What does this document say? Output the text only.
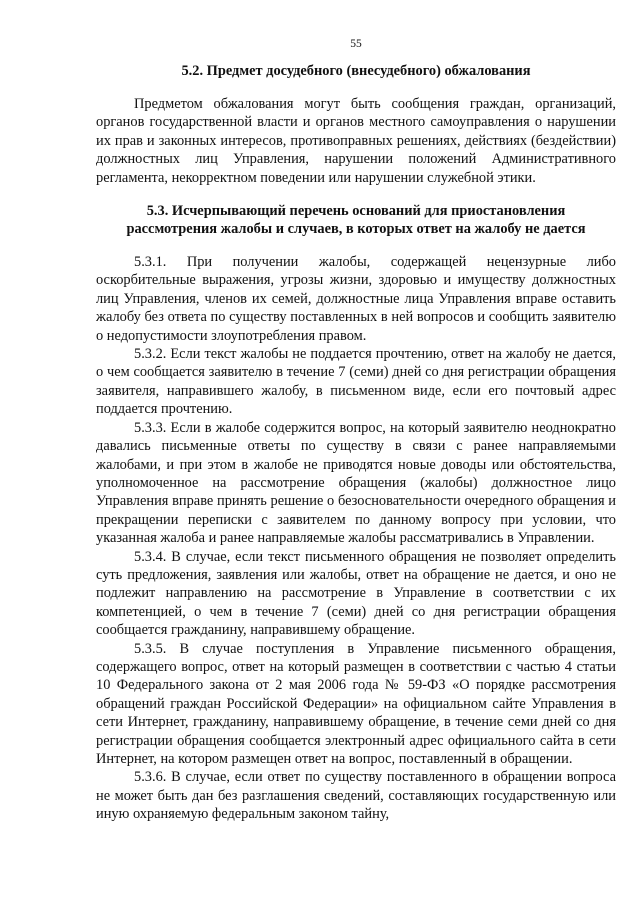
55
5.2. Предмет досудебного (внесудебного) обжалования

Предметом обжалования могут быть сообщения граждан, организаций, органов государственной власти и органов местного самоуправления о нарушении их прав и законных интересов, противоправных решениях, действиях (бездействии) должностных лиц Управления, нарушении положений Административного регламента, некорректном поведении или нарушении служебной этики.

5.3. Исчерпывающий перечень оснований для приостановления
рассмотрения жалобы и случаев, в которых ответ на жалобу не дается

5.3.1. При получении жалобы, содержащей нецензурные либо оскорбительные выражения, угрозы жизни, здоровью и имуществу должностных лиц Управления, членов их семей, должностные лица Управления вправе оставить жалобу без ответа по существу поставленных в ней вопросов и сообщить заявителю о недопустимости злоупотребления правом.

5.3.2. Если текст жалобы не поддается прочтению, ответ на жалобу не дается, о чем сообщается заявителю в течение 7 (семи) дней со дня регистрации обращения заявителя, направившего жалобу, в письменном виде, если его почтовый адрес поддается прочтению.

5.3.3. Если в жалобе содержится вопрос, на который заявителю неоднократно давались письменные ответы по существу в связи с ранее направляемыми жалобами, и при этом в жалобе не приводятся новые доводы или обстоятельства, уполномоченное на рассмотрение обращения (жалобы) должностное лицо Управления вправе принять решение о безосновательности очередного обращения и прекращении переписки с заявителем по данному вопросу при условии, что указанная жалоба и ранее направляемые жалобы рассматривались в Управлении.

5.3.4. В случае, если текст письменного обращения не позволяет определить суть предложения, заявления или жалобы, ответ на обращение не дается, и оно не подлежит направлению на рассмотрение в Управление в соответствии с их компетенцией, о чем в течение 7 (семи) дней со дня регистрации обращения сообщается гражданину, направившему обращение.

5.3.5. В случае поступления в Управление письменного обращения, содержащего вопрос, ответ на который размещен в соответствии с частью 4 статьи 10 Федерального закона от 2 мая 2006 года № 59-ФЗ «О порядке рассмотрения обращений граждан Российской Федерации» на официальном сайте Управления в сети Интернет, гражданину, направившему обращение, в течение семи дней со дня регистрации обращения сообщается электронный адрес официального сайта в сети Интернет, на котором размещен ответ на вопрос, поставленный в обращении.

5.3.6. В случае, если ответ по существу поставленного в обращении вопроса не может быть дан без разглашения сведений, составляющих государственную или иную охраняемую федеральным законом тайну,
